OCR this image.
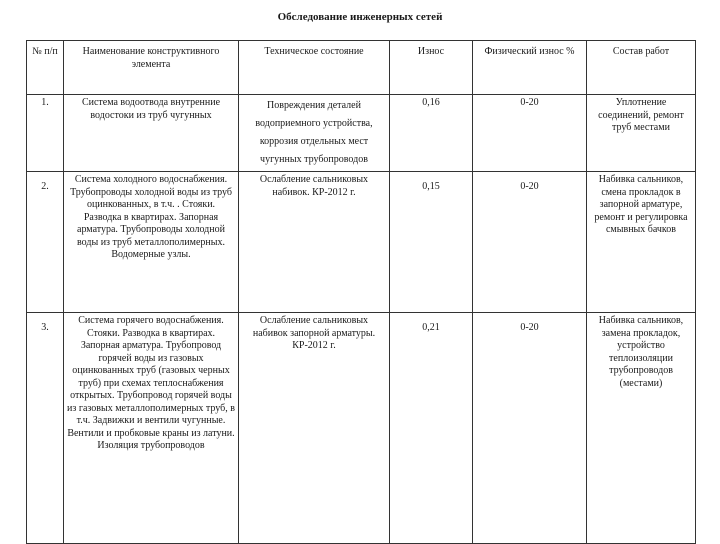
Обследование инженерных сетей
№ п/п	Наименование конструктивного элемента	Техническое состояние	Износ	Физический износ %	Состав работ
1.	Система водоотвода внутренние водостоки из труб чугунных	Повреждения деталей водоприемного устройства, коррозия отдельных мест чугунных трубопроводов	0,16	0-20	Уплотнение соединений, ремонт труб местами
2.	Система холодного водоснабжения. Трубопроводы холодной воды из труб оцинкованных, в т.ч. . Стояки. Разводка в квартирах. Запорная арматура. Трубопроводы холодной воды из труб металлополимерных. Водомерные узлы.	Ослабление сальниковых набивок. КР-2012 г.	0,15	0-20	Набивка сальников, смена прокладок в запорной арматуре, ремонт и регулировка смывных бачков
3.	Система горячего водоснабжения. Стояки. Разводка в квартирах. Запорная арматура. Трубопровод горячей воды из газовых оцинкованных труб (газовых черных труб) при схемах теплоснабжения открытых. Трубопровод горячей воды из газовых металлополимерных труб, в т.ч. Задвижки и вентили чугунные. Вентили и пробковые краны из латуни. Изоляция трубопроводов	Ослабление сальниковых набивок запорной арматуры. КР-2012 г.	0,21	0-20	Набивка сальников, замена прокладок, устройство теплоизоляции трубопроводов (местами)
